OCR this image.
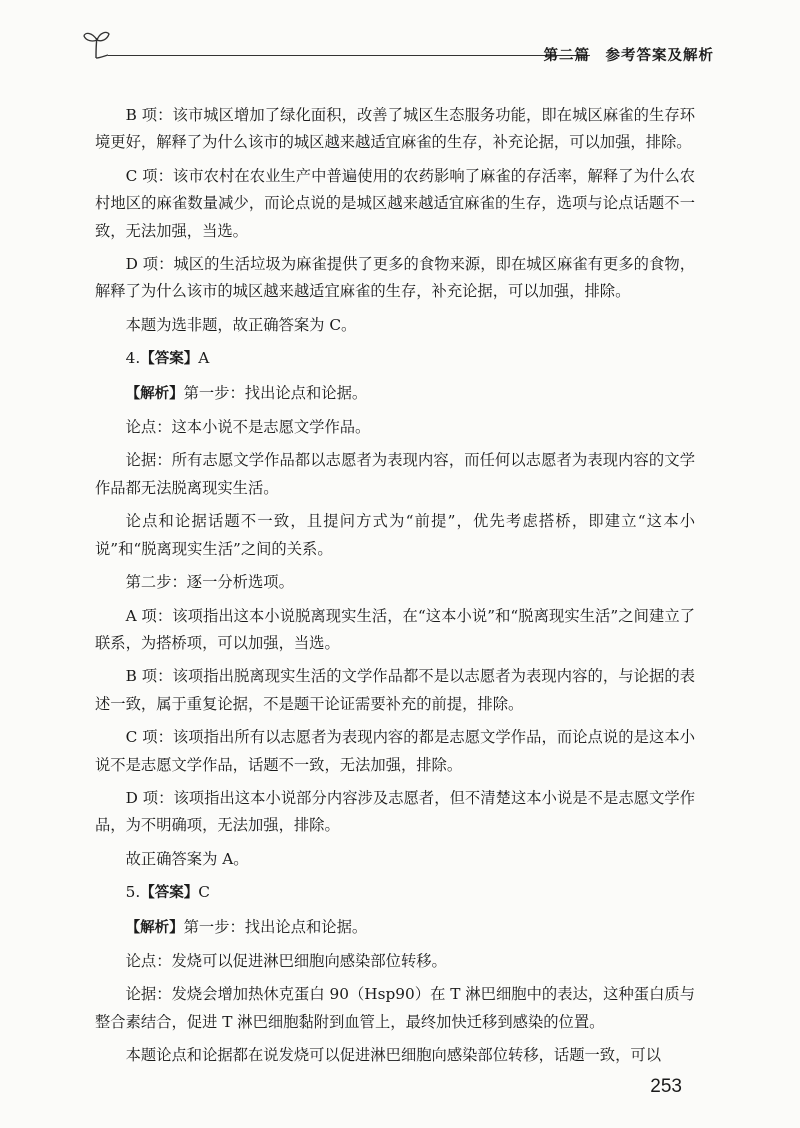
第二篇　参考答案及解析

B 项：该市城区增加了绿化面积，改善了城区生态服务功能，即在城区麻雀的生存环境更好，解释了为什么该市的城区越来越适宜麻雀的生存，补充论据，可以加强，排除。

C 项：该市农村在农业生产中普遍使用的农药影响了麻雀的存活率，解释了为什么农村地区的麻雀数量减少，而论点说的是城区越来越适宜麻雀的生存，选项与论点话题不一致，无法加强，当选。

D 项：城区的生活垃圾为麻雀提供了更多的食物来源，即在城区麻雀有更多的食物，解释了为什么该市的城区越来越适宜麻雀的生存，补充论据，可以加强，排除。

本题为选非题，故正确答案为 C。

4.【答案】A

【解析】第一步：找出论点和论据。

论点：这本小说不是志愿文学作品。

论据：所有志愿文学作品都以志愿者为表现内容，而任何以志愿者为表现内容的文学作品都无法脱离现实生活。

论点和论据话题不一致，且提问方式为“前提”，优先考虑搭桥，即建立“这本小说”和“脱离现实生活”之间的关系。

第二步：逐一分析选项。

A 项：该项指出这本小说脱离现实生活，在“这本小说”和“脱离现实生活”之间建立了联系，为搭桥项，可以加强，当选。

B 项：该项指出脱离现实生活的文学作品都不是以志愿者为表现内容的，与论据的表述一致，属于重复论据，不是题干论证需要补充的前提，排除。

C 项：该项指出所有以志愿者为表现内容的都是志愿文学作品，而论点说的是这本小说不是志愿文学作品，话题不一致，无法加强，排除。

D 项：该项指出这本小说部分内容涉及志愿者，但不清楚这本小说是不是志愿文学作品，为不明确项，无法加强，排除。

故正确答案为 A。

5.【答案】C

【解析】第一步：找出论点和论据。

论点：发烧可以促进淋巴细胞向感染部位转移。

论据：发烧会增加热休克蛋白 90（Hsp90）在 T 淋巴细胞中的表达，这种蛋白质与整合素结合，促进 T 淋巴细胞黏附到血管上，最终加快迁移到感染的位置。

本题论点和论据都在说发烧可以促进淋巴细胞向感染部位转移，话题一致，可以

253
